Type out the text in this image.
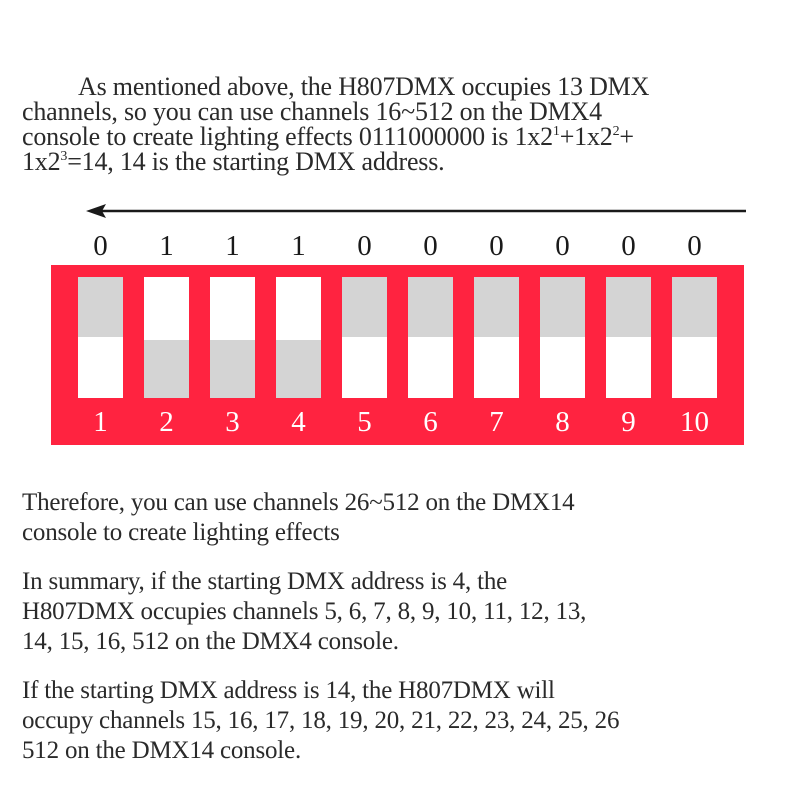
As mentioned above, the H807DMX occupies 13 DMX
channels, so you can use channels 16~512 on the DMX4
console to create lighting effects 0111000000 is $1x2^1+1x2^2+$
$1x2^3=14$, 14 is the starting DMX address.
0	1	1	1	0	0	0	0	0	0
1	2	3	4	5	6	7	8	9	10
Therefore, you can use channels 26~512 on the DMX14
console to create lighting effects
In summary, if the starting DMX address is 4, the
H807DMX occupies channels 5, 6, 7, 8, 9, 10, 11, 12, 13,
14, 15, 16, 512 on the DMX4 console.
If the starting DMX address is 14, the H807DMX will
occupy channels 15, 16, 17, 18, 19, 20, 21, 22, 23, 24, 25, 26
512 on the DMX14 console.
